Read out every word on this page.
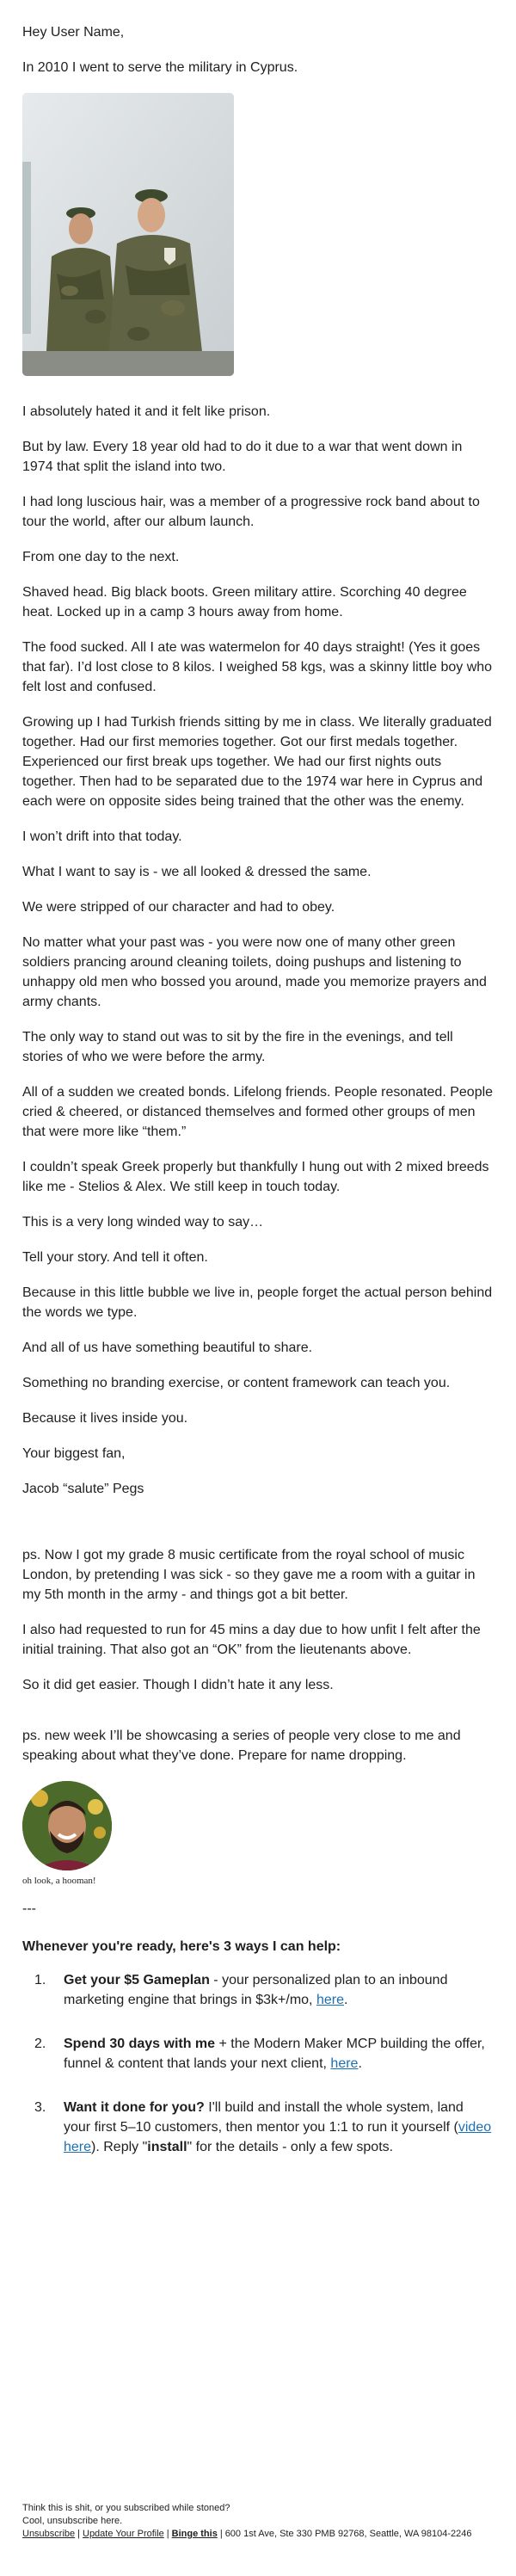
Hey User Name,

In 2010 I went to serve the military in Cyprus.

I absolutely hated it and it felt like prison.

But by law. Every 18 year old had to do it due to a war that went down in 1974 that split the island into two.

I had long luscious hair, was a member of a progressive rock band about to tour the world, after our album launch.

From one day to the next.

Shaved head. Big black boots. Green military attire. Scorching 40 degree heat. Locked up in a camp 3 hours away from home.

The food sucked. All I ate was watermelon for 40 days straight! (Yes it goes that far). I’d lost close to 8 kilos. I weighed 58 kgs, was a skinny little boy who felt lost and confused.

Growing up I had Turkish friends sitting by me in class. We literally graduated together. Had our first memories together. Got our first medals together. Experienced our first break ups together. We had our first nights outs together. Then had to be separated due to the 1974 war here in Cyprus and each were on opposite sides being trained that the other was the enemy.

I won’t drift into that today.

What I want to say is - we all looked & dressed the same.

We were stripped of our character and had to obey.

No matter what your past was - you were now one of many other green soldiers prancing around cleaning toilets, doing pushups and listening to unhappy old men who bossed you around, made you memorize prayers and army chants.

The only way to stand out was to sit by the fire in the evenings, and tell stories of who we were before the army.

All of a sudden we created bonds. Lifelong friends. People resonated. People cried & cheered, or distanced themselves and formed other groups of men that were more like “them.”

I couldn’t speak Greek properly but thankfully I hung out with 2 mixed breeds like me - Stelios & Alex. We still keep in touch today.

This is a very long winded way to say…

Tell your story. And tell it often.

Because in this little bubble we live in, people forget the actual person behind the words we type.

And all of us have something beautiful to share.

Something no branding exercise, or content framework can teach you.

Because it lives inside you.

Your biggest fan,

Jacob “salute” Pegs

ps. Now I got my grade 8 music certificate from the royal school of music London, by pretending I was sick - so they gave me a room with a guitar in my 5th month in the army - and things got a bit better.

I also had requested to run for 45 mins a day due to how unfit I felt after the initial training. That also got an “OK” from the lieutenants above.

So it did get easier. Though I didn’t hate it any less.

ps. new week I’ll be showcasing a series of people very close to me and speaking about what they’ve done. Prepare for name dropping.

oh look, a hooman!

---

Whenever you're ready, here's 3 ways I can help:

1.	Get your $5 Gameplan - your personalized plan to an inbound marketing engine that brings in $3k+/mo, here.
2.	Spend 30 days with me + the Modern Maker MCP building the offer, funnel & content that lands your next client, here.
3.	Want it done for you? I'll build and install the whole system, land your first 5–10 customers, then mentor you 1:1 to run it yourself (video here). Reply "install" for the details - only a few spots.
Think this is shit, or you subscribed while stoned?
Cool, unsubscribe here.
Unsubscribe | Update Your Profile | Binge this | 600 1st Ave, Ste 330 PMB 92768, Seattle, WA 98104-2246
